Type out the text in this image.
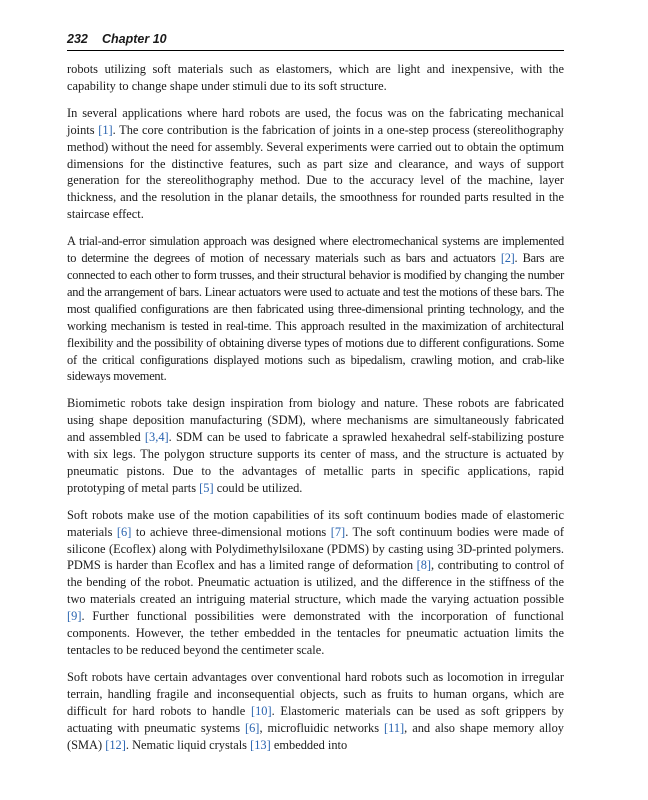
232 Chapter 10

robots utilizing soft materials such as elastomers, which are light and inexpensive, with the capability to change shape under stimuli due to its soft structure.

In several applications where hard robots are used, the focus was on the fabricating mechanical joints [1]. The core contribution is the fabrication of joints in a one-step process (stereolithography method) without the need for assembly. Several experiments were carried out to obtain the optimum dimensions for the distinctive features, such as part size and clearance, and ways of support generation for the stereolithography method. Due to the accuracy level of the machine, layer thickness, and the resolution in the planar details, the smoothness for rounded parts resulted in the staircase effect.

A trial-and-error simulation approach was designed where electromechanical systems are implemented to determine the degrees of motion of necessary materials such as bars and actuators [2]. Bars are connected to each other to form trusses, and their structural behavior is modified by changing the number and the arrangement of bars. Linear actuators were used to actuate and test the motions of these bars. The most qualified configurations are then fabricated using three-dimensional printing technology, and the working mechanism is tested in real-time. This approach resulted in the maximization of architectural flexibility and the possibility of obtaining diverse types of motions due to different configurations. Some of the critical configurations displayed motions such as bipedalism, crawling motion, and crab-like sideways movement.

Biomimetic robots take design inspiration from biology and nature. These robots are fabricated using shape deposition manufacturing (SDM), where mechanisms are simultaneously fabricated and assembled [3,4]. SDM can be used to fabricate a sprawled hexahedral self-stabilizing posture with six legs. The polygon structure supports its center of mass, and the structure is actuated by pneumatic pistons. Due to the advantages of metallic parts in specific applications, rapid prototyping of metal parts [5] could be utilized.

Soft robots make use of the motion capabilities of its soft continuum bodies made of elastomeric materials [6] to achieve three-dimensional motions [7]. The soft continuum bodies were made of silicone (Ecoflex) along with Polydimethylsiloxane (PDMS) by casting using 3D-printed polymers. PDMS is harder than Ecoflex and has a limited range of deformation [8], contributing to control of the bending of the robot. Pneumatic actuation is utilized, and the difference in the stiffness of the two materials created an intriguing material structure, which made the varying actuation possible [9]. Further functional possibilities were demonstrated with the incorporation of functional components. However, the tether embedded in the tentacles for pneumatic actuation limits the tentacles to be reduced beyond the centimeter scale.

Soft robots have certain advantages over conventional hard robots such as locomotion in irregular terrain, handling fragile and inconsequential objects, such as fruits to human organs, which are difficult for hard robots to handle [10]. Elastomeric materials can be used as soft grippers by actuating with pneumatic systems [6], microfluidic networks [11], and also shape memory alloy (SMA) [12]. Nematic liquid crystals [13] embedded into
